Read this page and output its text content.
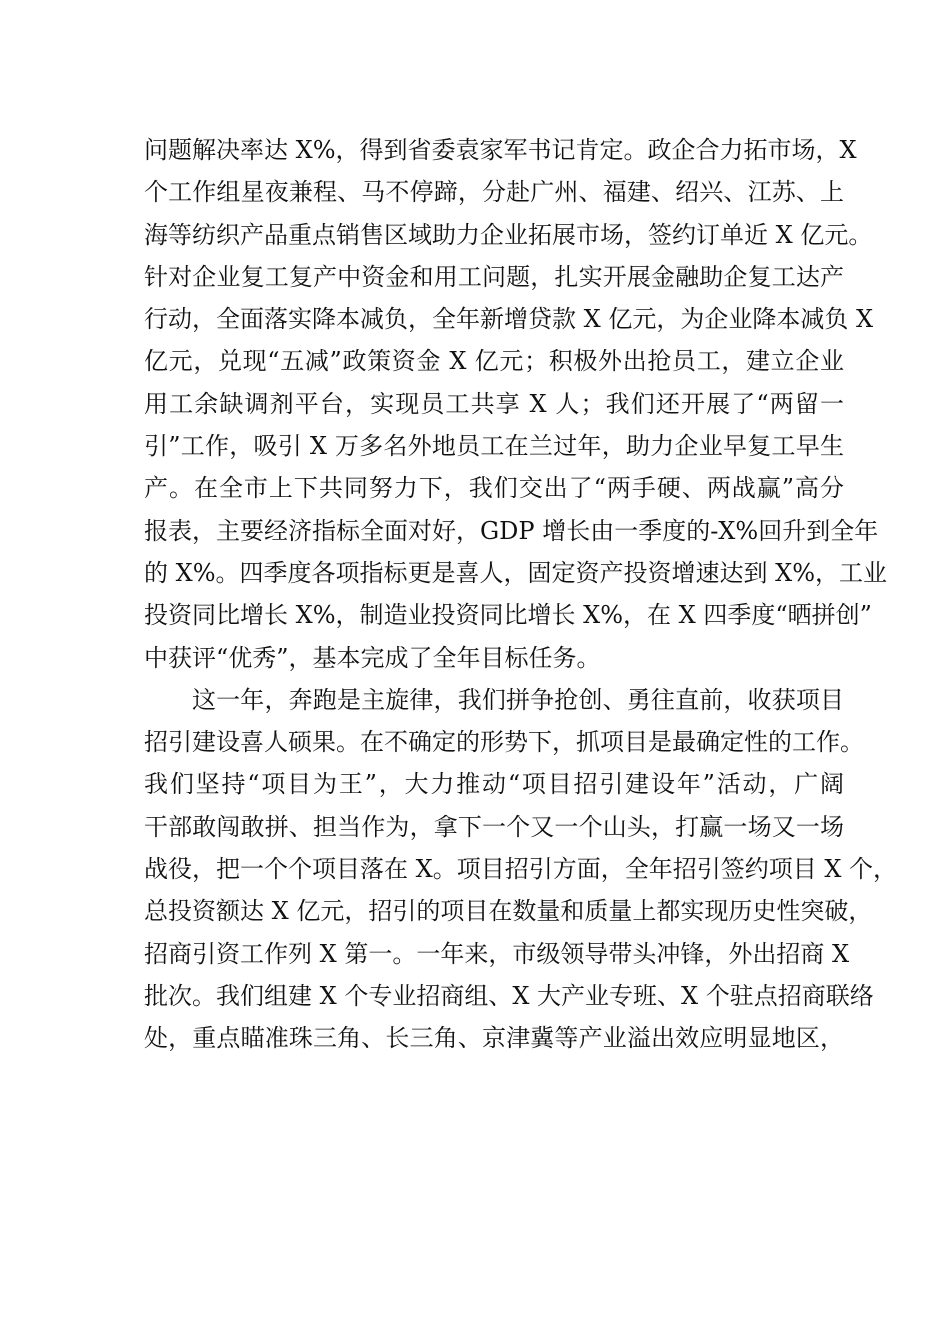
问题解决率达 X%，得到省委袁家军书记肯定。政企合力拓市场，X
个工作组星夜兼程、马不停蹄，分赴广州、福建、绍兴、江苏、上
海等纺织产品重点销售区域助力企业拓展市场，签约订单近 X 亿元。
针对企业复工复产中资金和用工问题，扎实开展金融助企复工达产
行动，全面落实降本减负，全年新增贷款 X 亿元，为企业降本减负 X
亿元，兑现“五减”政策资金 X 亿元；积极外出抢员工，建立企业
用工余缺调剂平台，实现员工共享 X 人；我们还开展了“两留一
引”工作，吸引 X 万多名外地员工在兰过年，助力企业早复工早生
产。在全市上下共同努力下，我们交出了“两手硬、两战赢”高分
报表，主要经济指标全面对好，GDP 增长由一季度的-X%回升到全年
的 X%。四季度各项指标更是喜人，固定资产投资增速达到 X%，工业
投资同比增长 X%，制造业投资同比增长 X%，在 X 四季度“晒拼创”
中获评“优秀”，基本完成了全年目标任务。
这一年，奔跑是主旋律，我们拼争抢创、勇往直前，收获项目
招引建设喜人硕果。在不确定的形势下，抓项目是最确定性的工作。
我们坚持“项目为王”，大力推动“项目招引建设年”活动，广阔
干部敢闯敢拼、担当作为，拿下一个又一个山头，打赢一场又一场
战役，把一个个项目落在 X。项目招引方面，全年招引签约项目 X 个，
总投资额达 X 亿元，招引的项目在数量和质量上都实现历史性突破，
招商引资工作列 X 第一。一年来，市级领导带头冲锋，外出招商 X
批次。我们组建 X 个专业招商组、X 大产业专班、X 个驻点招商联络
处，重点瞄准珠三角、长三角、京津冀等产业溢出效应明显地区，
